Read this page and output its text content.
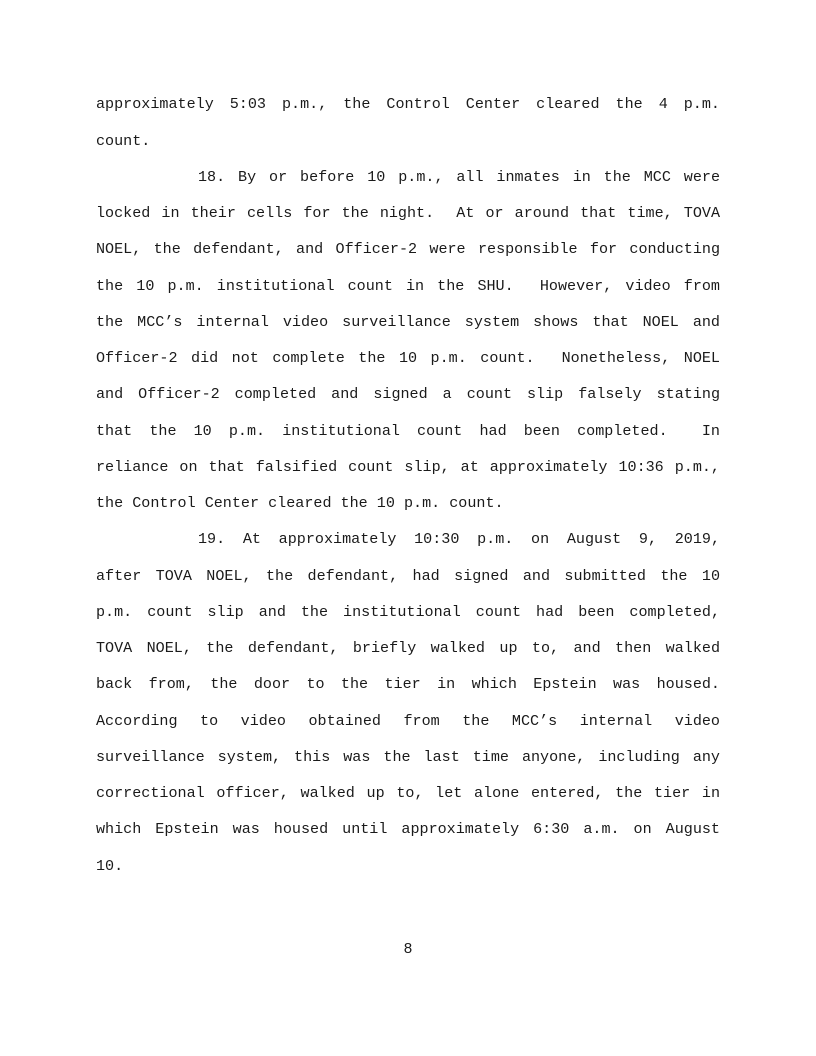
approximately 5:03 p.m., the Control Center cleared the 4 p.m.
count.
18. By or before 10 p.m., all inmates in the MCC were
locked in their cells for the night.  At or around that time, TOVA
NOEL, the defendant, and Officer-2 were responsible for conducting
the 10 p.m. institutional count in the SHU.  However, video from
the MCC’s internal video surveillance system shows that NOEL and
Officer-2 did not complete the 10 p.m. count.  Nonetheless, NOEL
and Officer-2 completed and signed a count slip falsely stating
that the 10 p.m. institutional count had been completed.  In
reliance on that falsified count slip, at approximately 10:36 p.m.,
the Control Center cleared the 10 p.m. count.
19. At approximately 10:30 p.m. on August 9, 2019,
after TOVA NOEL, the defendant, had signed and submitted the 10
p.m. count slip and the institutional count had been completed,
TOVA NOEL, the defendant, briefly walked up to, and then walked
back from, the door to the tier in which Epstein was housed.
According to video obtained from the MCC’s internal video
surveillance system, this was the last time anyone, including any
correctional officer, walked up to, let alone entered, the tier in
which Epstein was housed until approximately 6:30 a.m. on August
10.
8
